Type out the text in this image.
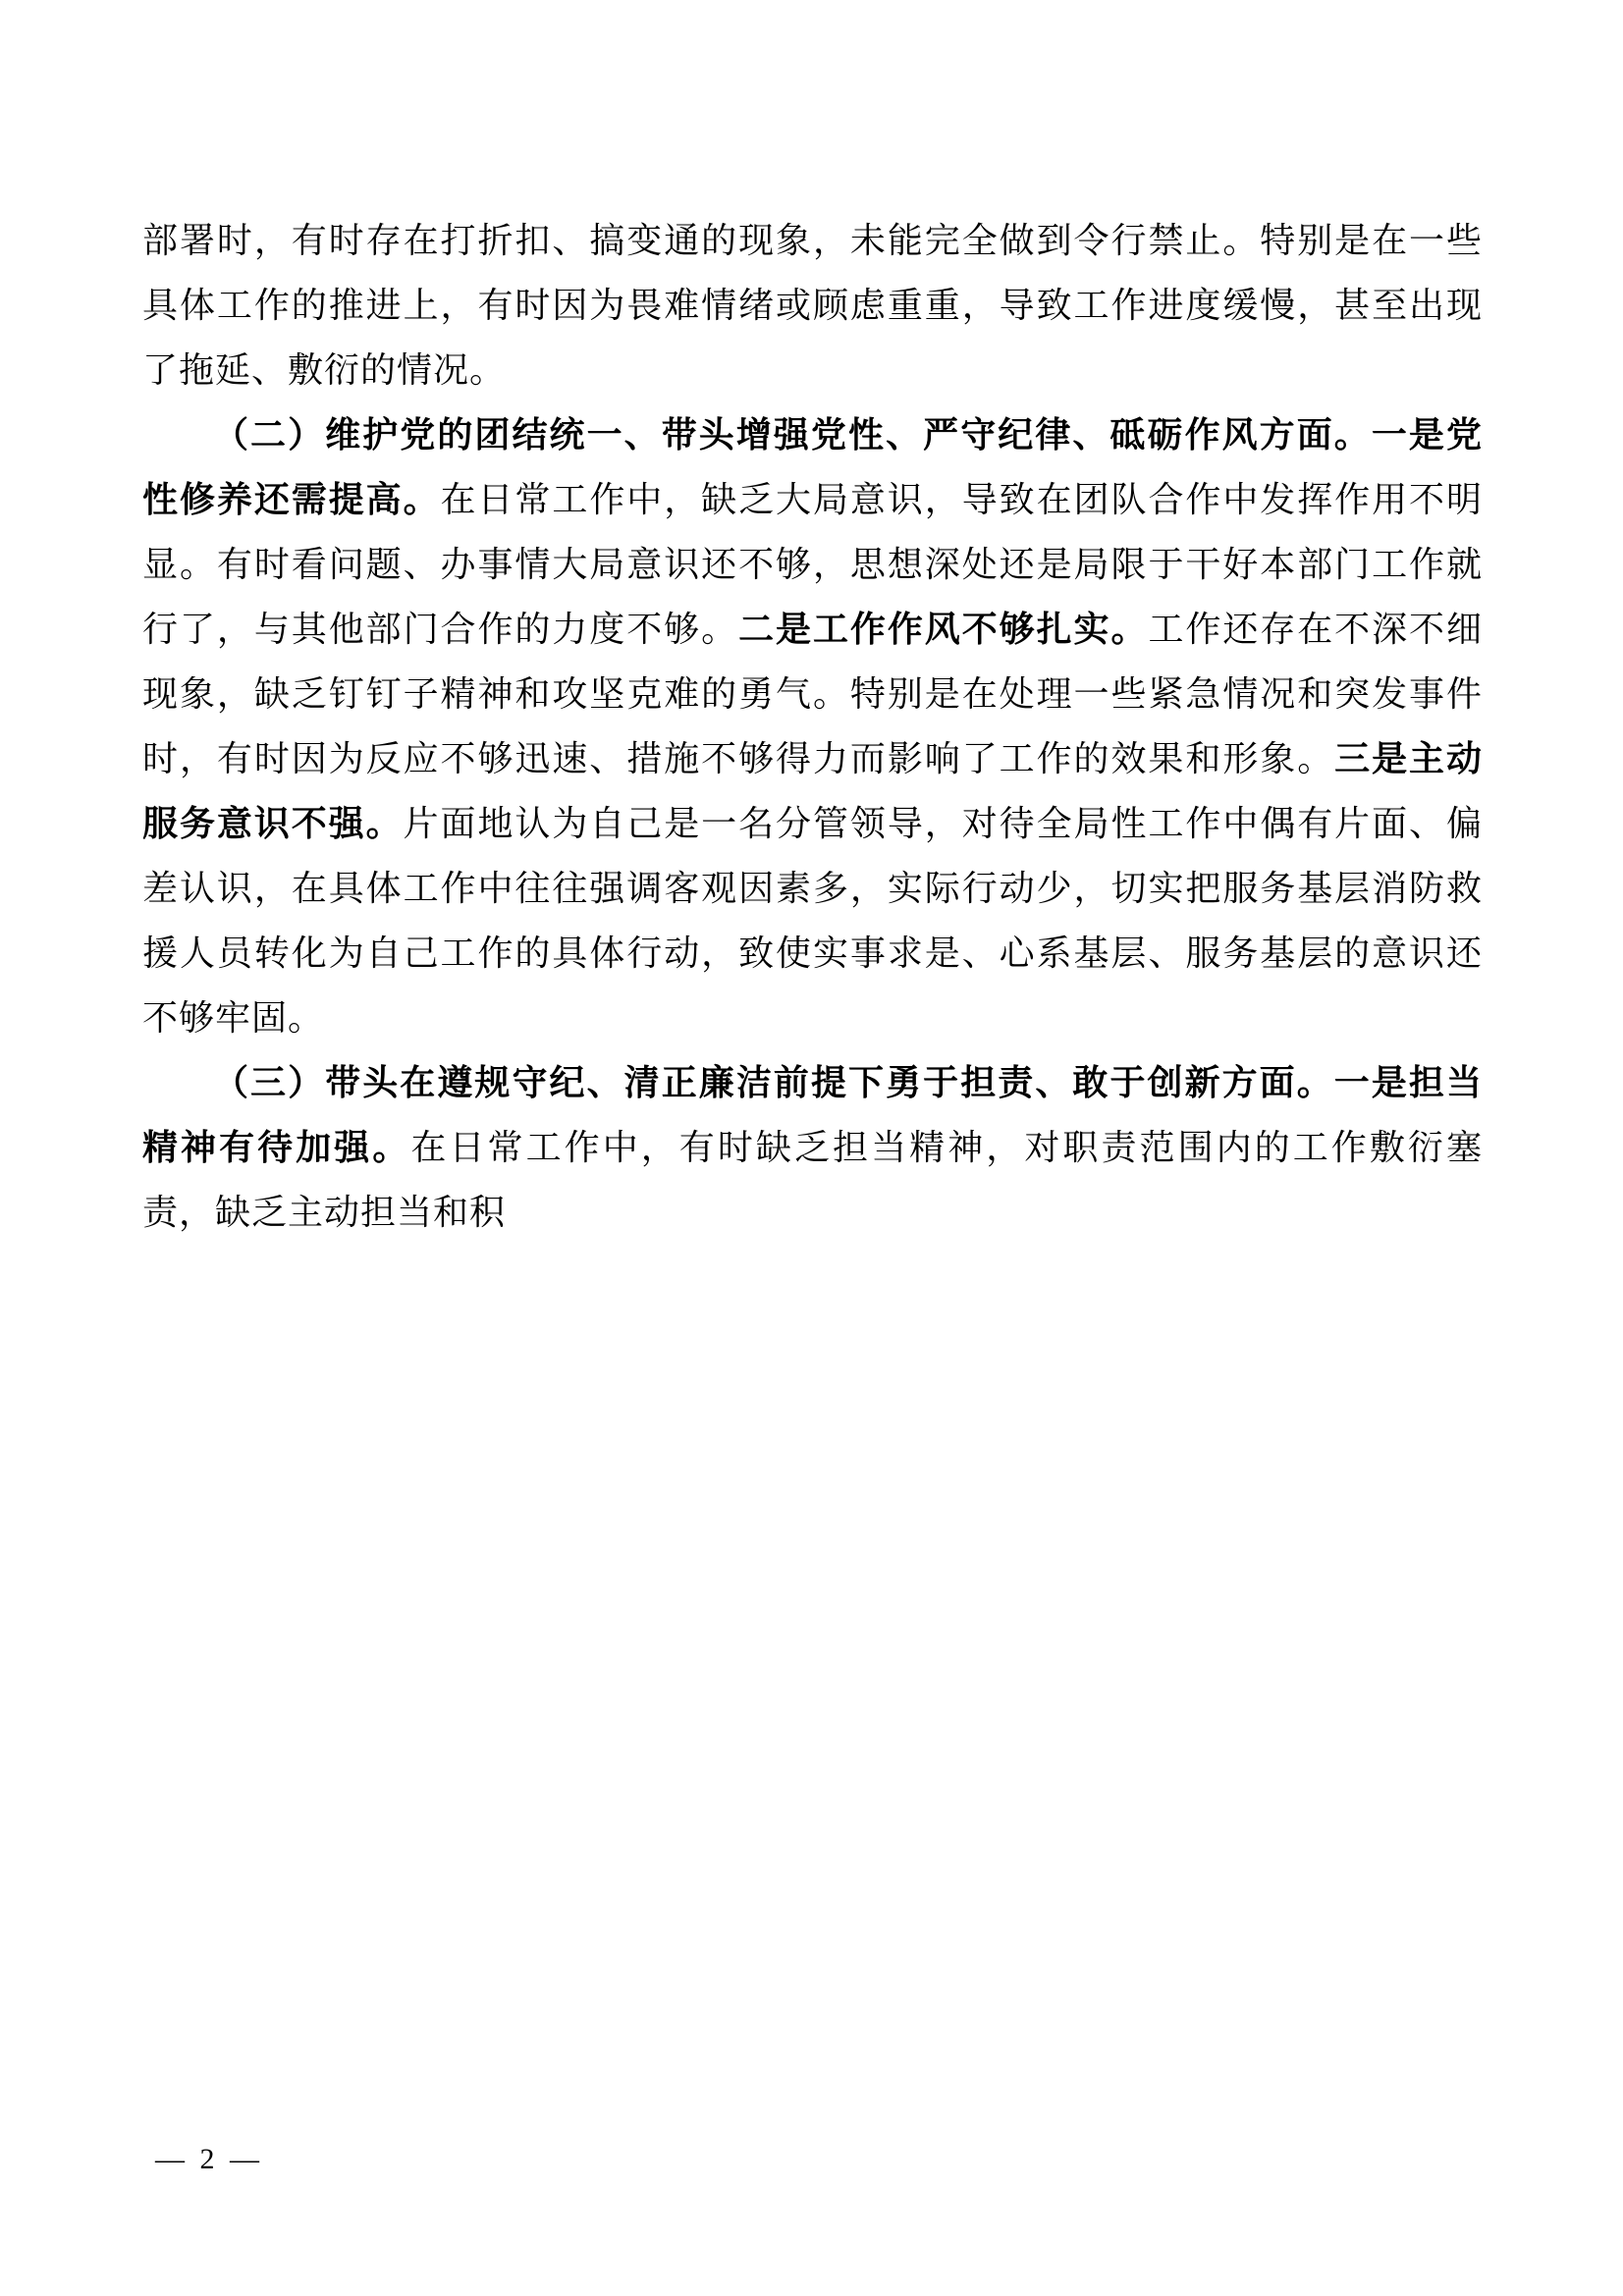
部署时，有时存在打折扣、搞变通的现象，未能完全做到令行禁止。特别是在一些具体工作的推进上，有时因为畏难情绪或顾虑重重，导致工作进度缓慢，甚至出现了拖延、敷衍的情况。

（二）维护党的团结统一、带头增强党性、严守纪律、砥砺作风方面。一是党性修养还需提高。在日常工作中，缺乏大局意识，导致在团队合作中发挥作用不明显。有时看问题、办事情大局意识还不够，思想深处还是局限于干好本部门工作就行了，与其他部门合作的力度不够。二是工作作风不够扎实。工作还存在不深不细现象，缺乏钉钉子精神和攻坚克难的勇气。特别是在处理一些紧急情况和突发事件时，有时因为反应不够迅速、措施不够得力而影响了工作的效果和形象。三是主动服务意识不强。片面地认为自己是一名分管领导，对待全局性工作中偶有片面、偏差认识，在具体工作中往往强调客观因素多，实际行动少，切实把服务基层消防救援人员转化为自己工作的具体行动，致使实事求是、心系基层、服务基层的意识还不够牢固。

（三）带头在遵规守纪、清正廉洁前提下勇于担责、敢于创新方面。一是担当精神有待加强。在日常工作中，有时缺乏担当精神，对职责范围内的工作敷衍塞责，缺乏主动担当和积

— 2 —
